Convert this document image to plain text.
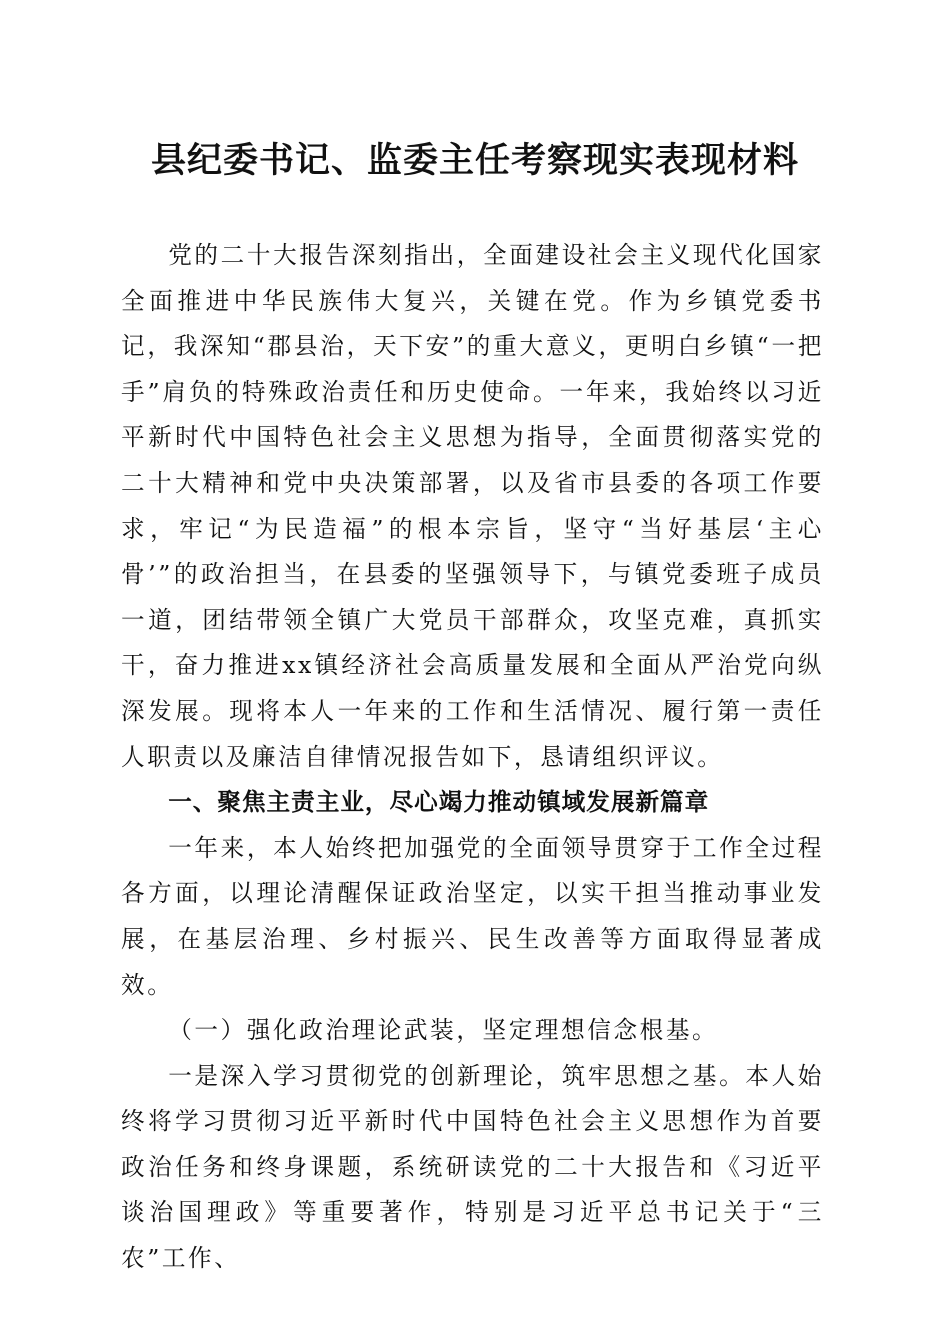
县纪委书记、监委主任考察现实表现材料

党的二十大报告深刻指出，全面建设社会主义现代化国家全面推进中华民族伟大复兴，关键在党。作为乡镇党委书记，我深知“郡县治，天下安”的重大意义，更明白乡镇“一把手”肩负的特殊政治责任和历史使命。一年来，我始终以习近平新时代中国特色社会主义思想为指导，全面贯彻落实党的二十大精神和党中央决策部署，以及省市县委的各项工作要求，牢记“为民造福”的根本宗旨，坚守“当好基层‘主心骨’”的政治担当，在县委的坚强领导下，与镇党委班子成员一道，团结带领全镇广大党员干部群众，攻坚克难，真抓实干，奋力推进xx镇经济社会高质量发展和全面从严治党向纵深发展。现将本人一年来的工作和生活情况、履行第一责任人职责以及廉洁自律情况报告如下，恳请组织评议。

一、聚焦主责主业，尽心竭力推动镇域发展新篇章

一年来，本人始终把加强党的全面领导贯穿于工作全过程各方面，以理论清醒保证政治坚定，以实干担当推动事业发展，在基层治理、乡村振兴、民生改善等方面取得显著成效。

（一）强化政治理论武装，坚定理想信念根基。

一是深入学习贯彻党的创新理论，筑牢思想之基。本人始终将学习贯彻习近平新时代中国特色社会主义思想作为首要政治任务和终身课题，系统研读党的二十大报告和《习近平谈治国理政》等重要著作，特别是习近平总书记关于“三农”工作、
